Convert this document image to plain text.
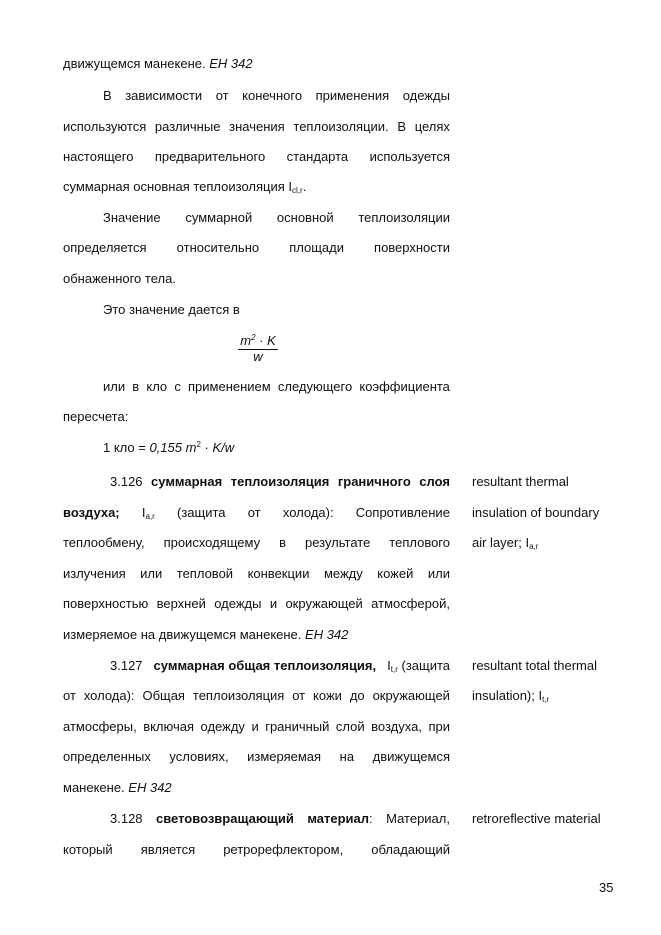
движущемся манекене. ЕН 342
В зависимости от конечного применения одежды
используются различные значения теплоизоляции. В целях
настоящего предварительного стандарта используется
суммарная основная теплоизоляция $I_{cl,r}$.
Значение суммарной основной теплоизоляции
определяется относительно площади поверхности
обнаженного тела.
Это значение дается в
$\frac{m^2 \cdot K}{w}$
или в кло с применением следующего коэффициента
пересчета:
1 кло = 0,155 $m^2 \cdot K/w$
3.126 суммарная теплоизоляция граничного слоя
воздуха; $I_{a,r}$ (защита от холода): Сопротивление
теплообмену, происходящему в результате теплового
излучения или тепловой конвекции между кожей или
поверхностью верхней одежды и окружающей атмосферой,
измеряемое на движущемся манекене. ЕН 342
resultant thermal
insulation of boundary
air layer; $I_{a,r}$
3.127 суммарная общая теплоизоляция, $I_{t,r}$ (защита
от холода): Общая теплоизоляция от кожи до окружающей
атмосферы, включая одежду и граничный слой воздуха, при
определенных условиях, измеряемая на движущемся
манекене. ЕН 342
resultant total thermal
insulation); $I_{t,r}$
3.128 световозвращающий материал: Материал,
который является ретрорефлектором, обладающий
retroreflective material
35
